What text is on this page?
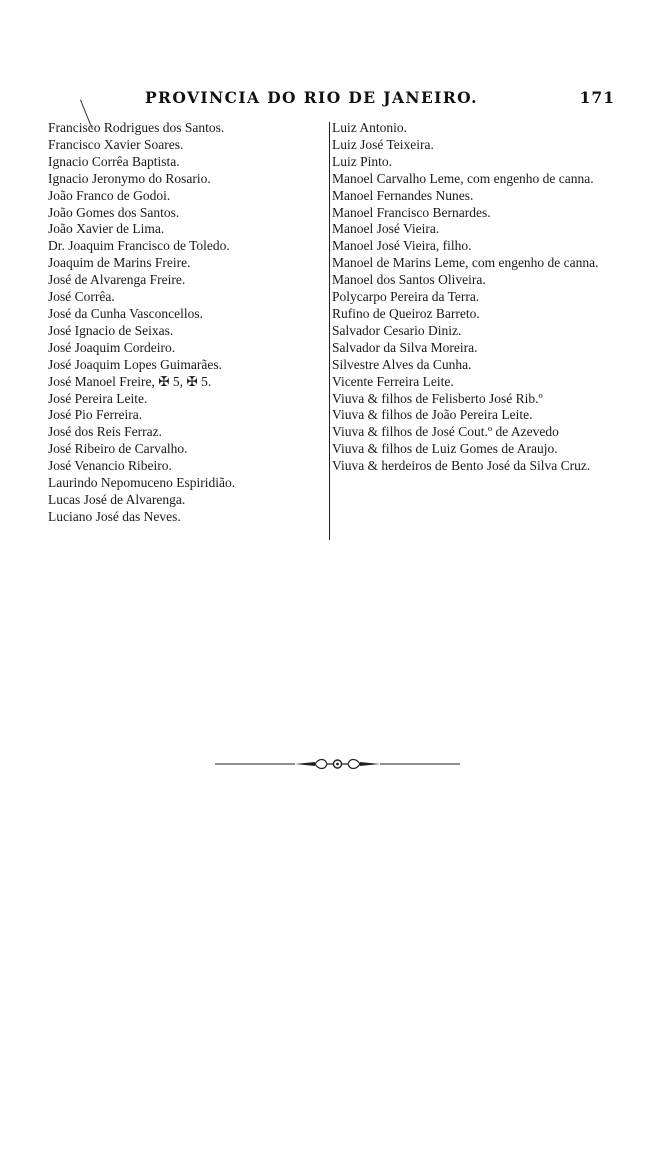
PROVINCIA DO RIO DE JANEIRO.	171
Francisco Rodrigues dos Santos.
Francisco Xavier Soares.
Ignacio Corrêa Baptista.
Ignacio Jeronymo do Rosario.
João Franco de Godoi.
João Gomes dos Santos.
João Xavier de Lima.
Dr. Joaquim Francisco de Toledo.
Joaquim de Marins Freire.
José de Alvarenga Freire.
José Corrêa.
José da Cunha Vasconcellos.
José Ignacio de Seixas.
José Joaquim Cordeiro.
José Joaquim Lopes Guimarães.
José Manoel Freire, ✠ 5, ✠ 5.
José Pereira Leite.
José Pio Ferreira.
José dos Reis Ferraz.
José Ribeiro de Carvalho.
José Venancio Ribeiro.
Laurindo Nepomuceno Espiridião.
Lucas José de Alvarenga.
Luciano José das Neves.
Luiz Antonio.
Luiz José Teixeira.
Luiz Pinto.
Manoel Carvalho Leme, com engenho de canna.
Manoel Fernandes Nunes.
Manoel Francisco Bernardes.
Manoel José Vieira.
Manoel José Vieira, filho.
Manoel de Marins Leme, com engenho de canna.
Manoel dos Santos Oliveira.
Polycarpo Pereira da Terra.
Rufino de Queiroz Barreto.
Salvador Cesario Diniz.
Salvador da Silva Moreira.
Silvestre Alves da Cunha.
Vicente Ferreira Leite.
Viuva & filhos de Felisberto José Rib.º
Viuva & filhos de João Pereira Leite.
Viuva & filhos de José Cout.º de Azevedo
Viuva & filhos de Luiz Gomes de Araujo.
Viuva & herdeiros de Bento José da Silva Cruz.
